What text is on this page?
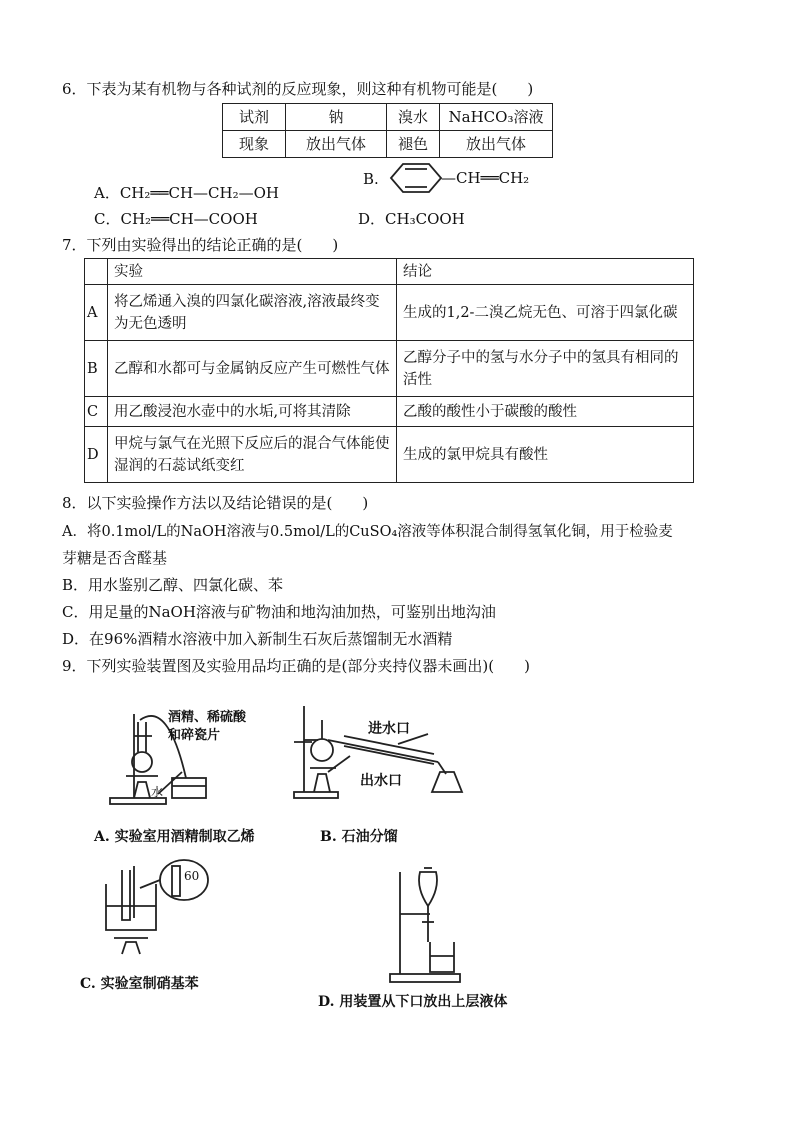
6．下表为某有机物与各种试剂的反应现象，则这种有机物可能是(　　)
试剂	钠	溴水	NaHCO₃溶液
现象	放出气体	褪色	放出气体
A．CH₂══CH—CH₂—OH
B.	—CH══CH₂
C．CH₂══CH—COOH	D．CH₃COOH
7．下列由实验得出的结论正确的是(　　)
	实验	结论
A	将乙烯通入溴的四氯化碳溶液,溶液最终变为无色透明	生成的1,2-二溴乙烷无色、可溶于四氯化碳
B	乙醇和水都可与金属钠反应产生可燃性气体	乙醇分子中的氢与水分子中的氢具有相同的活性
C	用乙酸浸泡水壶中的水垢,可将其清除	乙酸的酸性小于碳酸的酸性
D	甲烷与氯气在光照下反应后的混合气体能使湿润的石蕊试纸变红	生成的氯甲烷具有酸性
8．以下实验操作方法以及结论错误的是(　　)
A．将0.1mol/L的NaOH溶液与0.5mol/L的CuSO₄溶液等体积混合制得氢氧化铜，用于检验麦
芽糖是否含醛基
B．用水鉴别乙醇、四氯化碳、苯
C．用足量的NaOH溶液与矿物油和地沟油加热，可鉴别出地沟油
D．在96%酒精水溶液中加入新制生石灰后蒸馏制无水酒精
9．下列实验装置图及实验用品均正确的是(部分夹持仪器未画出)(　　)
酒精、稀硫酸
和碎瓷片
水
进水口
出水口
A. 实验室用酒精制取乙烯	B. 石油分馏
60
C. 实验室制硝基苯
D. 用装置从下口放出上层液体
